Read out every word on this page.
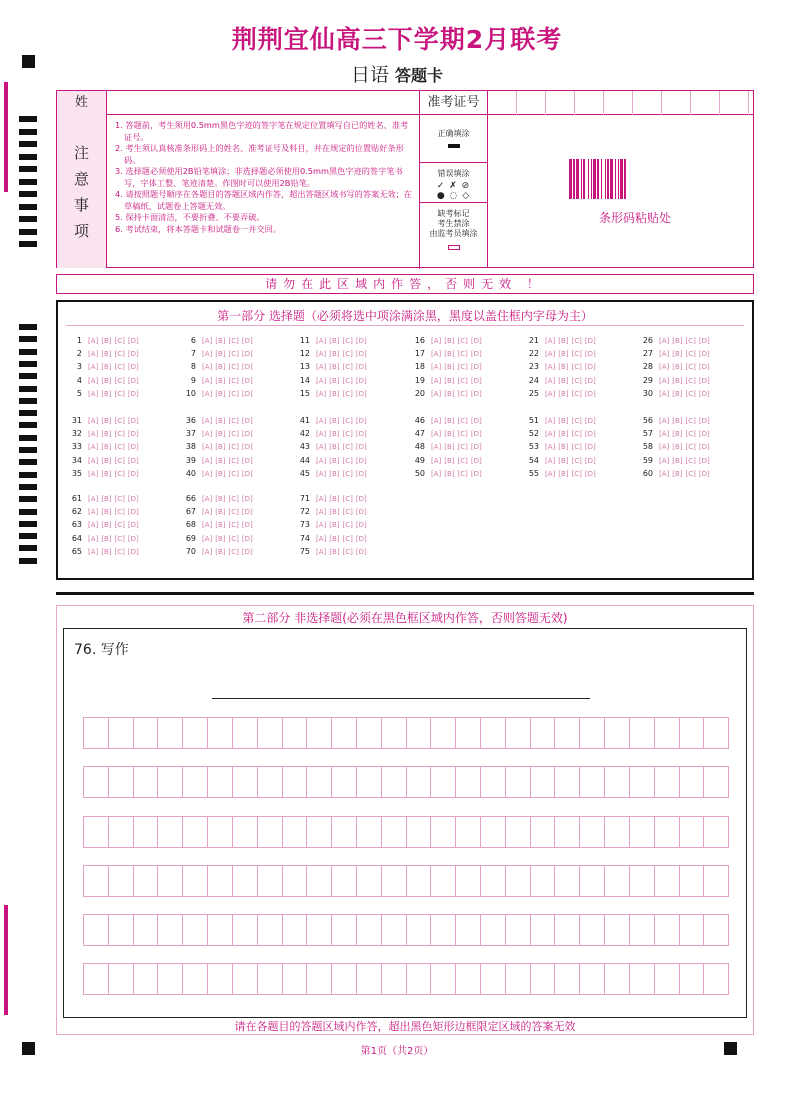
荆荆宜仙高三下学期2月联考
日语 答题卡
姓	准考证号
注
意
事
项
1. 答题前，考生须用0.5mm黑色字迹的签字笔在规定位置填写自已的姓名、准考证号。
2. 考生须认真核准条形码上的姓名、准考证号及科目，并在规定的位置贴好条形码。
3. 选择题必须使用2B铅笔填涂；非选择题必须使用0.5mm黑色字迹的签字笔书写，字体工整、笔迹清楚。作图时可以使用2B铅笔。
4. 请按照题号顺序在各题目的答题区域内作答，超出答题区域书写的答案无效；在草稿纸、试题卷上答题无效。
5. 保持卡面清洁，不要折叠、不要弄破。
6. 考试结束，将本答题卡和试题卷一并交回。
正确填涂
错误填涂
✓ ✗ ⊘
● ◌ ◇
缺考标记
考生禁涂
由监考员填涂
条形码粘贴处
请勿在此区域内作答，否则无效 ！
第一部分 选择题（必须将选中项涂满涂黑，黑度以盖住框内字母为主）
1 [A] [B] [C] [D]
2 [A] [B] [C] [D]
3 [A] [B] [C] [D]
4 [A] [B] [C] [D]
5 [A] [B] [C] [D]
6 [A] [B] [C] [D]
7 [A] [B] [C] [D]
8 [A] [B] [C] [D]
9 [A] [B] [C] [D]
10 [A] [B] [C] [D]
11 [A] [B] [C] [D]
12 [A] [B] [C] [D]
13 [A] [B] [C] [D]
14 [A] [B] [C] [D]
15 [A] [B] [C] [D]
16 [A] [B] [C] [D]
17 [A] [B] [C] [D]
18 [A] [B] [C] [D]
19 [A] [B] [C] [D]
20 [A] [B] [C] [D]
21 [A] [B] [C] [D]
22 [A] [B] [C] [D]
23 [A] [B] [C] [D]
24 [A] [B] [C] [D]
25 [A] [B] [C] [D]
26 [A] [B] [C] [D]
27 [A] [B] [C] [D]
28 [A] [B] [C] [D]
29 [A] [B] [C] [D]
30 [A] [B] [C] [D]
31 [A] [B] [C] [D]
32 [A] [B] [C] [D]
33 [A] [B] [C] [D]
34 [A] [B] [C] [D]
35 [A] [B] [C] [D]
36 [A] [B] [C] [D]
37 [A] [B] [C] [D]
38 [A] [B] [C] [D]
39 [A] [B] [C] [D]
40 [A] [B] [C] [D]
41 [A] [B] [C] [D]
42 [A] [B] [C] [D]
43 [A] [B] [C] [D]
44 [A] [B] [C] [D]
45 [A] [B] [C] [D]
46 [A] [B] [C] [D]
47 [A] [B] [C] [D]
48 [A] [B] [C] [D]
49 [A] [B] [C] [D]
50 [A] [B] [C] [D]
51 [A] [B] [C] [D]
52 [A] [B] [C] [D]
53 [A] [B] [C] [D]
54 [A] [B] [C] [D]
55 [A] [B] [C] [D]
56 [A] [B] [C] [D]
57 [A] [B] [C] [D]
58 [A] [B] [C] [D]
59 [A] [B] [C] [D]
60 [A] [B] [C] [D]
61 [A] [B] [C] [D]
62 [A] [B] [C] [D]
63 [A] [B] [C] [D]
64 [A] [B] [C] [D]
65 [A] [B] [C] [D]
66 [A] [B] [C] [D]
67 [A] [B] [C] [D]
68 [A] [B] [C] [D]
69 [A] [B] [C] [D]
70 [A] [B] [C] [D]
71 [A] [B] [C] [D]
72 [A] [B] [C] [D]
73 [A] [B] [C] [D]
74 [A] [B] [C] [D]
75 [A] [B] [C] [D]
第二部分 非选择题(必须在黑色框区域内作答，否则答题无效)
76. 写作
请在各题目的答题区域内作答，超出黑色矩形边框限定区域的答案无效
第1页（共2页）
